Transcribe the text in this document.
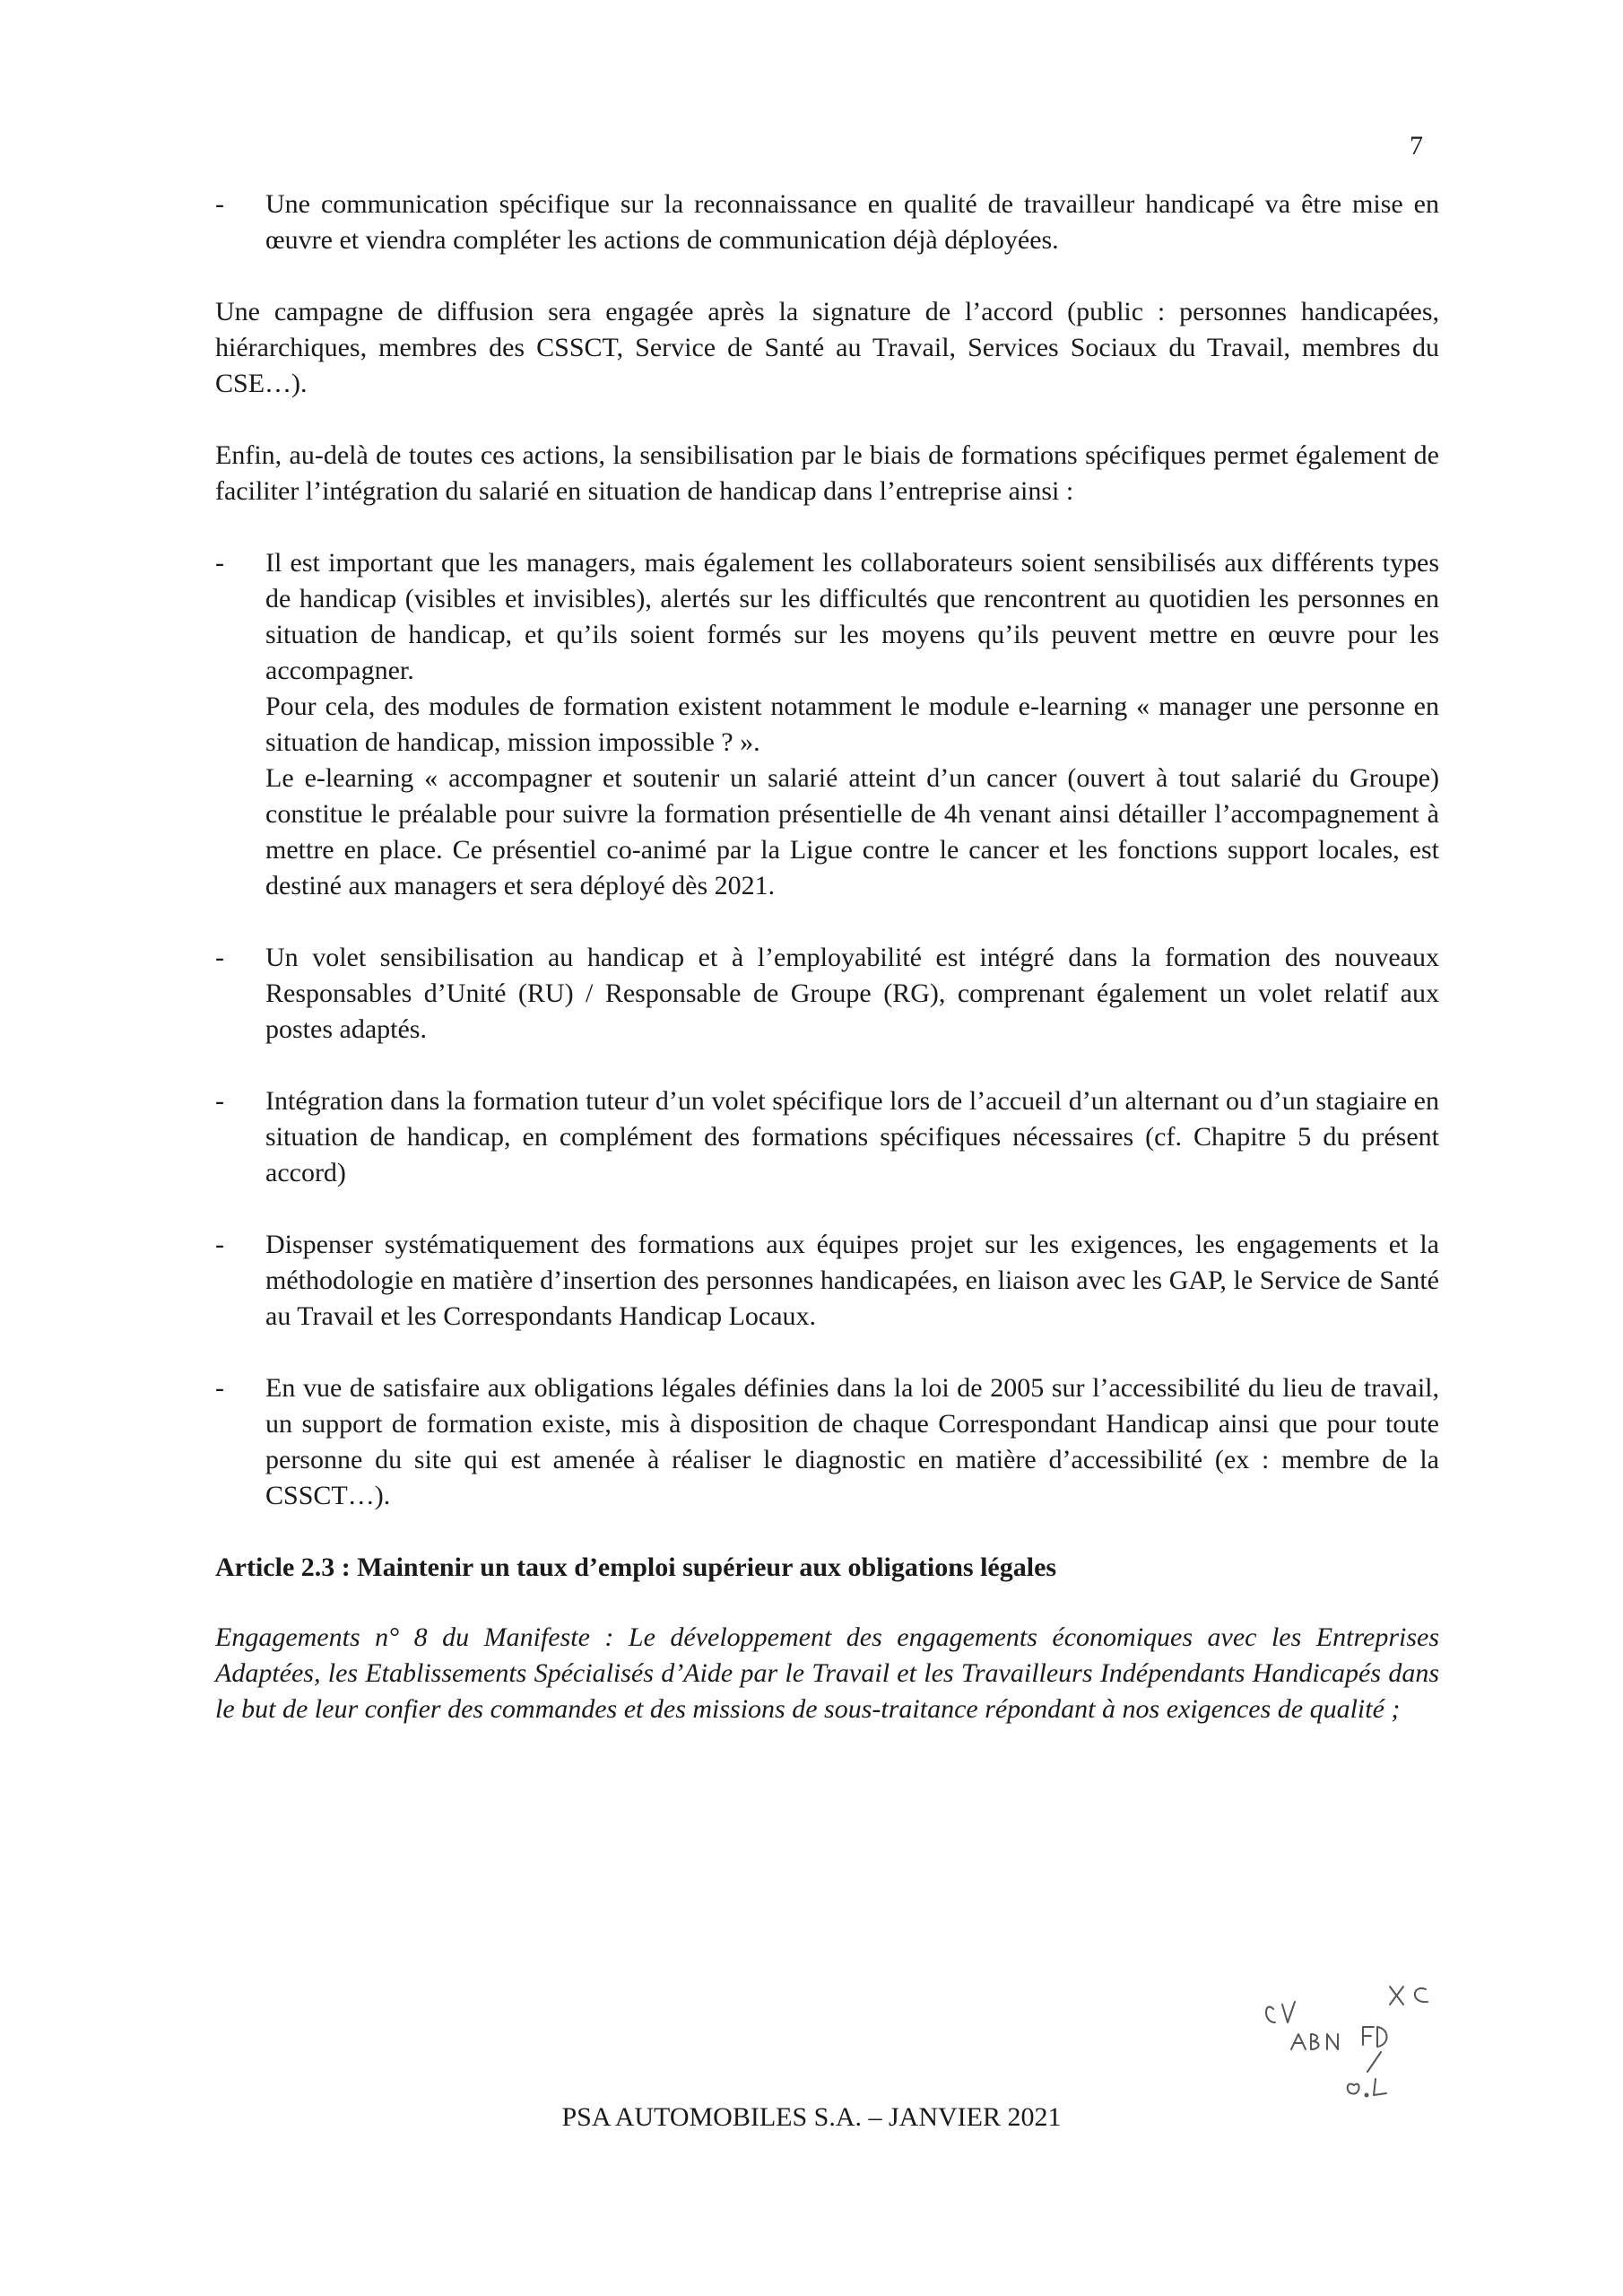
7
- Une communication spécifique sur la reconnaissance en qualité de travailleur handicapé va être mise en œuvre et viendra compléter les actions de communication déjà déployées.

Une campagne de diffusion sera engagée après la signature de l’accord (public : personnes handicapées, hiérarchiques, membres des CSSCT, Service de Santé au Travail, Services Sociaux du Travail, membres du CSE…).

Enfin, au-delà de toutes ces actions, la sensibilisation par le biais de formations spécifiques permet également de faciliter l’intégration du salarié en situation de handicap dans l’entreprise ainsi :

- Il est important que les managers, mais également les collaborateurs soient sensibilisés aux différents types de handicap (visibles et invisibles), alertés sur les difficultés que rencontrent au quotidien les personnes en situation de handicap, et qu’ils soient formés sur les moyens qu’ils peuvent mettre en œuvre pour les accompagner.

Pour cela, des modules de formation existent notamment le module e-learning « manager une personne en situation de handicap, mission impossible ? ».

Le e-learning « accompagner et soutenir un salarié atteint d’un cancer (ouvert à tout salarié du Groupe) constitue le préalable pour suivre la formation présentielle de 4h venant ainsi détailler l’accompagnement à mettre en place. Ce présentiel co-animé par la Ligue contre le cancer et les fonctions support locales, est destiné aux managers et sera déployé dès 2021.

- Un volet sensibilisation au handicap et à l’employabilité est intégré dans la formation des nouveaux Responsables d’Unité (RU) / Responsable de Groupe (RG), comprenant également un volet relatif aux postes adaptés.

- Intégration dans la formation tuteur d’un volet spécifique lors de l’accueil d’un alternant ou d’un stagiaire en situation de handicap, en complément des formations spécifiques nécessaires (cf. Chapitre 5 du présent accord)

- Dispenser systématiquement des formations aux équipes projet sur les exigences, les engagements et la méthodologie en matière d’insertion des personnes handicapées, en liaison avec les GAP, le Service de Santé au Travail et les Correspondants Handicap Locaux.

- En vue de satisfaire aux obligations légales définies dans la loi de 2005 sur l’accessibilité du lieu de travail, un support de formation existe, mis à disposition de chaque Correspondant Handicap ainsi que pour toute personne du site qui est amenée à réaliser le diagnostic en matière d’accessibilité (ex : membre de la CSSCT…).

Article 2.3 : Maintenir un taux d’emploi supérieur aux obligations légales

Engagements n° 8 du Manifeste : Le développement des engagements économiques avec les Entreprises Adaptées, les Etablissements Spécialisés d’Aide par le Travail et les Travailleurs Indépendants Handicapés dans le but de leur confier des commandes et des missions de sous-traitance répondant à nos exigences de qualité ;

PSA AUTOMOBILES S.A. – JANVIER 2021
